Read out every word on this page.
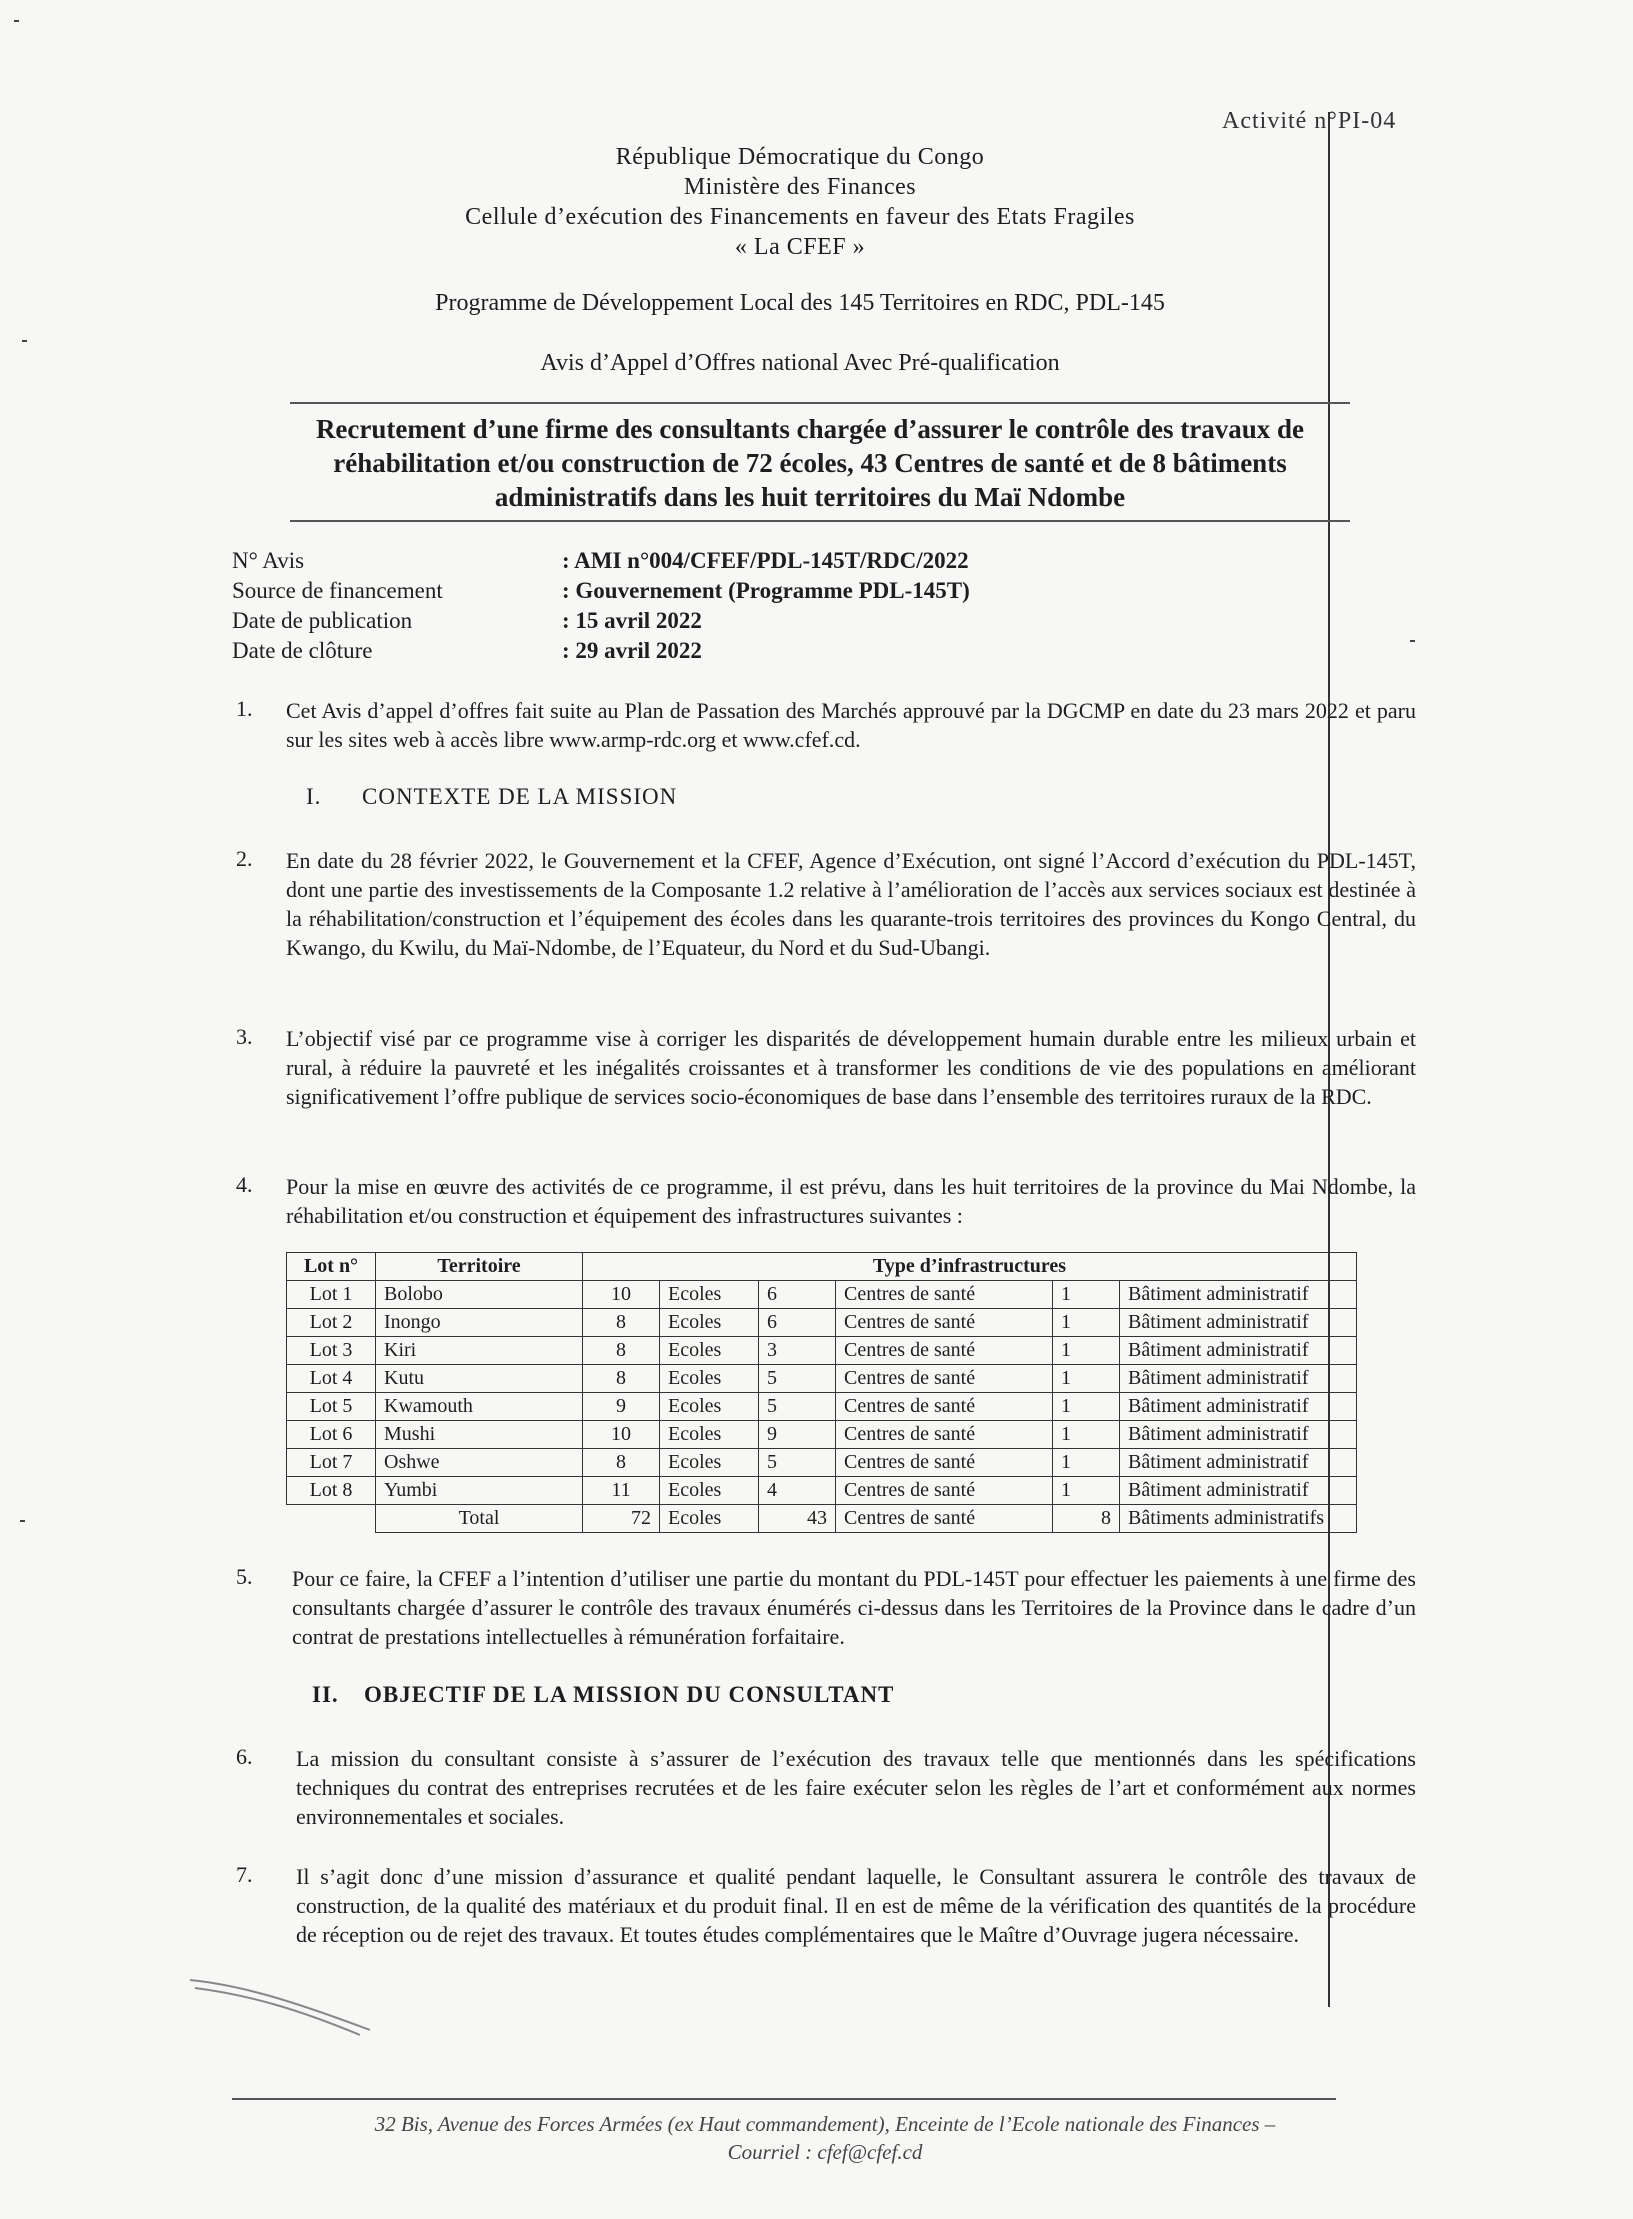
Activité n°PI-04
République Démocratique du Congo
Ministère des Finances
Cellule d’exécution des Financements en faveur des Etats Fragiles
« La CFEF »
Programme de Développement Local des 145 Territoires en RDC, PDL-145
Avis d’Appel d’Offres national Avec Pré-qualification
Recrutement d’une firme des consultants chargée d’assurer le contrôle des travaux de réhabilitation et/ou construction de 72 écoles, 43 Centres de santé et de 8 bâtiments administratifs dans les huit territoires du Maï Ndombe
N° Avis	: AMI n°004/CFEF/PDL-145T/RDC/2022
Source de financement	: Gouvernement (Programme PDL-145T)
Date de publication	: 15 avril 2022
Date de clôture	: 29 avril 2022
1. Cet Avis d’appel d’offres fait suite au Plan de Passation des Marchés approuvé par la DGCMP en date du 23 mars 2022 et paru sur les sites web à accès libre www.armp-rdc.org et www.cfef.cd.
I. CONTEXTE DE LA MISSION
2. En date du 28 février 2022, le Gouvernement et la CFEF, Agence d’Exécution, ont signé l’Accord d’exécution du PDL-145T, dont une partie des investissements de la Composante 1.2 relative à l’amélioration de l’accès aux services sociaux est destinée à la réhabilitation/construction et l’équipement des écoles dans les quarante-trois territoires des provinces du Kongo Central, du Kwango, du Kwilu, du Maï-Ndombe, de l’Equateur, du Nord et du Sud-Ubangi.
3. L’objectif visé par ce programme vise à corriger les disparités de développement humain durable entre les milieux urbain et rural, à réduire la pauvreté et les inégalités croissantes et à transformer les conditions de vie des populations en améliorant significativement l’offre publique de services socio-économiques de base dans l’ensemble des territoires ruraux de la RDC.
4. Pour la mise en œuvre des activités de ce programme, il est prévu, dans les huit territoires de la province du Mai Ndombe, la réhabilitation et/ou construction et équipement des infrastructures suivantes :
Lot n°	Territoire	Type d’infrastructures					
Lot 1	Bolobo	10	Ecoles	6	Centres de santé	1	Bâtiment administratif
Lot 2	Inongo	8	Ecoles	6	Centres de santé	1	Bâtiment administratif
Lot 3	Kiri	8	Ecoles	3	Centres de santé	1	Bâtiment administratif
Lot 4	Kutu	8	Ecoles	5	Centres de santé	1	Bâtiment administratif
Lot 5	Kwamouth	9	Ecoles	5	Centres de santé	1	Bâtiment administratif
Lot 6	Mushi	10	Ecoles	9	Centres de santé	1	Bâtiment administratif
Lot 7	Oshwe	8	Ecoles	5	Centres de santé	1	Bâtiment administratif
Lot 8	Yumbi	11	Ecoles	4	Centres de santé	1	Bâtiment administratif
	Total	72	Ecoles	43	Centres de santé	8	Bâtiments administratifs
5. Pour ce faire, la CFEF a l’intention d’utiliser une partie du montant du PDL-145T pour effectuer les paiements à une firme des consultants chargée d’assurer le contrôle des travaux énumérés ci-dessus dans les Territoires de la Province dans le cadre d’un contrat de prestations intellectuelles à rémunération forfaitaire.
II. OBJECTIF DE LA MISSION DU CONSULTANT
6. La mission du consultant consiste à s’assurer de l’exécution des travaux telle que mentionnés dans les spécifications techniques du contrat des entreprises recrutées et de les faire exécuter selon les règles de l’art et conformément aux normes environnementales et sociales.
7. Il s’agit donc d’une mission d’assurance et qualité pendant laquelle, le Consultant assurera le contrôle des travaux de construction, de la qualité des matériaux et du produit final. Il en est de même de la vérification des quantités de la procédure de réception ou de rejet des travaux. Et toutes études complémentaires que le Maître d’Ouvrage jugera nécessaire.
32 Bis, Avenue des Forces Armées (ex Haut commandement), Enceinte de l’Ecole nationale des Finances –
Courriel : cfef@cfef.cd
